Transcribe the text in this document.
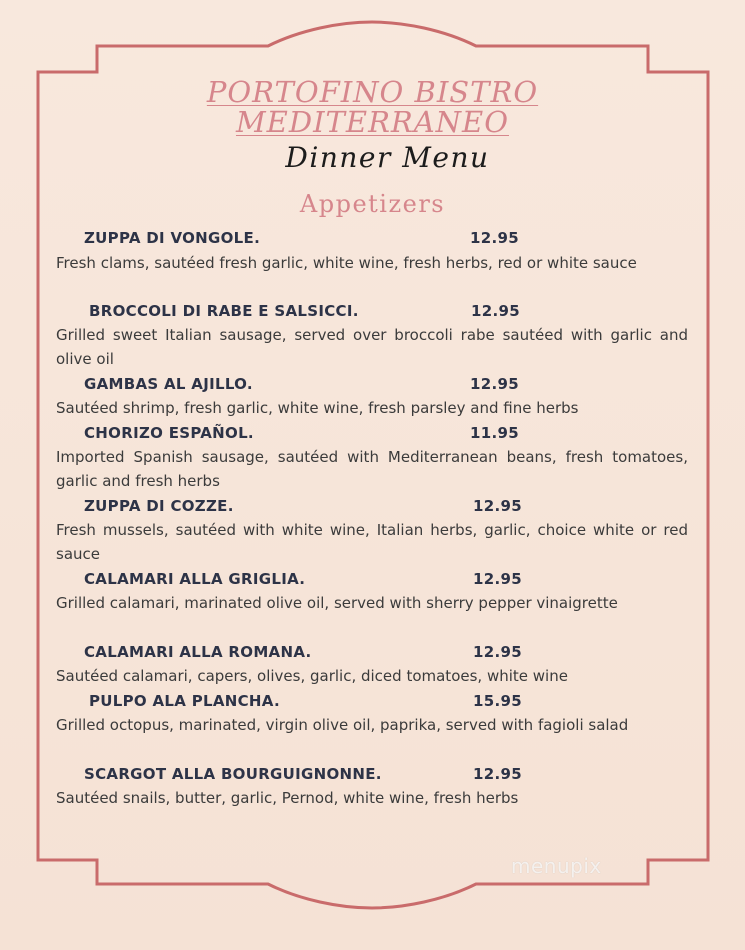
PORTOFINO BISTRO
MEDITERRANEO
Dinner Menu
Appetizers
ZUPPA DI VONGOLE.	12.95
Fresh clams, sautéed fresh garlic, white wine, fresh herbs, red or white sauce
BROCCOLI DI RABE E SALSICCI.	12.95
Grilled sweet Italian sausage, served over broccoli rabe sautéed with garlic and olive oil
GAMBAS AL AJILLO.	12.95
Sautéed shrimp, fresh garlic, white wine, fresh parsley and fine herbs
CHORIZO ESPAÑOL.	11.95
Imported Spanish sausage, sautéed with Mediterranean beans, fresh tomatoes, garlic and fresh herbs
ZUPPA DI COZZE.	12.95
Fresh mussels, sautéed with white wine, Italian herbs, garlic, choice white or red sauce
CALAMARI ALLA GRIGLIA.	12.95
Grilled calamari, marinated olive oil, served with sherry pepper vinaigrette
CALAMARI ALLA ROMANA.	12.95
Sautéed calamari, capers, olives, garlic, diced tomatoes, white wine
PULPO ALA PLANCHA.	15.95
Grilled octopus, marinated, virgin olive oil, paprika, served with fagioli salad
SCARGOT ALLA BOURGUIGNONNE.	12.95
Sautéed snails, butter, garlic, Pernod, white wine, fresh herbs
menupix
